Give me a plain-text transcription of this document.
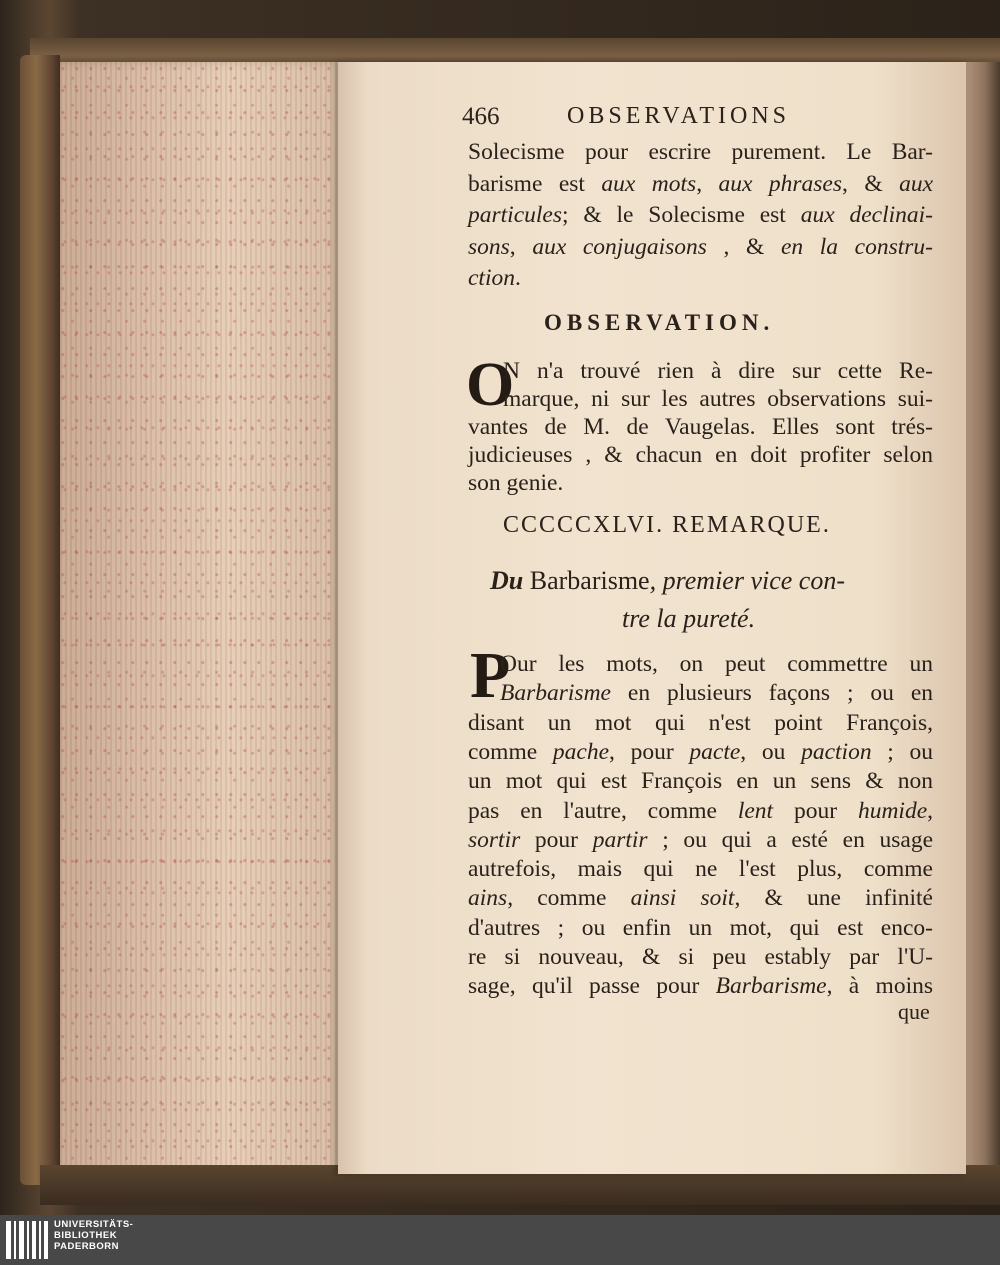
466	OBSERVATIONS
Solecisme pour escrire purement. Le Bar-
barisme est aux mots, aux phrases, & aux
particules; & le Solecisme est aux declinai-
sons, aux conjugaisons , & en la constru-
ction.
OBSERVATION.
O
N n'a trouvé rien à dire sur cette Re-
marque, ni sur les autres observations sui-
vantes de M. de Vaugelas. Elles sont trés-
judicieuses , & chacun en doit profiter selon
son genie.
CCCCCXLVI. REMARQUE.
Du Barbarisme, premier vice con-
tre la pureté.
P
Our les mots, on peut commettre un
Barbarisme en plusieurs façons ; ou en
disant un mot qui n'est point François,
comme pache, pour pacte, ou paction ; ou
un mot qui est François en un sens & non
pas en l'autre, comme lent pour humide,
sortir pour partir ; ou qui a esté en usage
autrefois, mais qui ne l'est plus, comme
ains, comme ainsi soit, & une infinité
d'autres ; ou enfin un mot, qui est enco-
re si nouveau, & si peu estably par l'U-
sage, qu'il passe pour Barbarisme, à moins
que
UNIVERSITÄTS-
BIBLIOTHEK
PADERBORN
